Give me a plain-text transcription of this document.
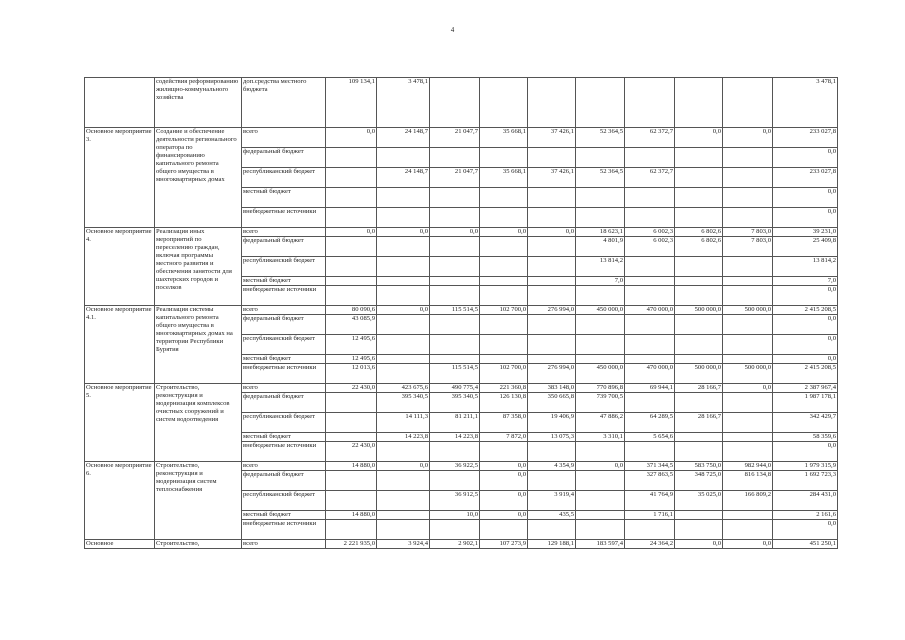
4
	содействия реформированию жилищно-коммунального хозяйства	доп.средства местного бюджета	109 134,1	3 478,1								3 478,1
Основное мероприятие 3.	Создание и обеспечение деятельности регионального оператора по финансированию капитального ремонта общего имущества в многоквартирных домах	всего	0,0	24 148,7	21 047,7	35 668,1	37 426,1	52 364,5	62 372,7	0,0	0,0	233 027,8
		федеральный бюджет										0,0
		республиканский бюджет		24 148,7	21 047,7	35 668,1	37 426,1	52 364,5	62 372,7			233 027,8
		местный бюджет										0,0
		внебюджетные источники										0,0
Основное мероприятие 4.	Реализация иных мероприятий по переселению граждан, включая программы местного развития и обеспечения занятости для шахтерских городов и поселков	всего	0,0	0,0	0,0	0,0	0,0	18 623,1	6 002,3	6 802,6	7 803,0	39 231,0
		федеральный бюджет						4 801,9	6 002,3	6 802,6	7 803,0	25 409,8
		республиканский бюджет						13 814,2				13 814,2
		местный бюджет						7,0				7,0
		внебюджетные источники										0,0
Основное мероприятие 4.1.	Реализация системы капитального ремонта общего имущества в многоквартирных домах на территории Республики Бурятия	всего	80 090,6	0,0	115 514,5	102 700,0	276 994,0	450 000,0	470 000,0	500 000,0	500 000,0	2 415 208,5
		федеральный бюджет	43 085,9									0,0
		республиканский бюджет	12 495,6									0,0
		местный бюджет	12 495,6									0,0
		внебюджетные источники	12 013,6		115 514,5	102 700,0	276 994,0	450 000,0	470 000,0	500 000,0	500 000,0	2 415 208,5
Основное мероприятие 5.	Строительство, реконструкция и модернизация комплексов очистных сооружений и систем водоотведения	всего	22 430,0	423 675,6	490 775,4	221 360,8	383 148,0	770 896,8	69 944,1	28 166,7	0,0	2 387 967,4
		федеральный бюджет		395 340,5	395 340,5	126 130,8	350 665,8	739 700,5				1 987 178,1
		республиканский бюджет		14 111,3	81 211,1	87 358,0	19 406,9	47 886,2	64 289,5	28 166,7		342 429,7
		местный бюджет		14 223,8	14 223,8	7 872,0	13 075,3	3 310,1	5 654,6			58 359,6
		внебюджетные источники	22 430,0									0,0
Основное мероприятие 6.	Строительство, реконструкция и модернизация систем теплоснабжения	всего	14 880,0	0,0	36 922,5	0,0	4 354,9	0,0	371 344,5	583 750,0	982 944,0	1 979 315,9
		федеральный бюджет				0,0			327 863,5	348 725,0	816 134,8	1 692 723,3
		республиканский бюджет			36 912,5	0,0	3 919,4		41 764,9	35 025,0	166 809,2	284 431,0
		местный бюджет	14 880,0		10,0	0,0	435,5		1 716,1			2 161,6
		внебюджетные источники										0,0
Основное	Строительство,	всего	2 221 935,0	3 924,4	2 902,1	107 273,9	129 188,1	183 597,4	24 364,2	0,0	0,0	451 250,1
